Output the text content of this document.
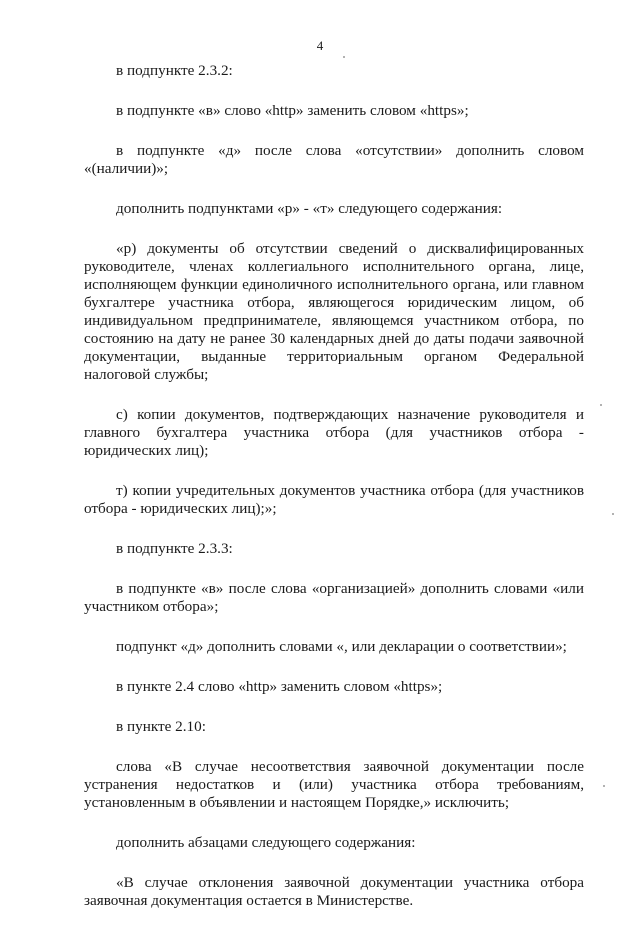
4

в подпункте 2.3.2:

в подпункте «в» слово «http» заменить словом «https»;

в подпункте «д» после слова «отсутствии» дополнить словом «(наличии)»;

дополнить подпунктами «р» - «т» следующего содержания:

«р) документы об отсутствии сведений о дисквалифицированных руководителе, членах коллегиального исполнительного органа, лице, исполняющем функции единоличного исполнительного органа, или главном бухгалтере участника отбора, являющегося юридическим лицом, об индивидуальном предпринимателе, являющемся участником отбора, по состоянию на дату не ранее 30 календарных дней до даты подачи заявочной документации, выданные территориальным органом Федеральной налоговой службы;

с) копии документов, подтверждающих назначение руководителя и главного бухгалтера участника отбора (для участников отбора - юридических лиц);

т) копии учредительных документов участника отбора (для участников отбора - юридических лиц);»;

в подпункте 2.3.3:

в подпункте «в» после слова «организацией» дополнить словами «или участником отбора»;

подпункт «д» дополнить словами «, или декларации о соответствии»;

в пункте 2.4 слово «http» заменить словом «https»;

в пункте 2.10:

слова «В случае несоответствия заявочной документации после устранения недостатков и (или) участника отбора требованиям, установленным в объявлении и настоящем Порядке,» исключить;

дополнить абзацами следующего содержания:

«В случае отклонения заявочной документации участника отбора заявочная документация остается в Министерстве.
